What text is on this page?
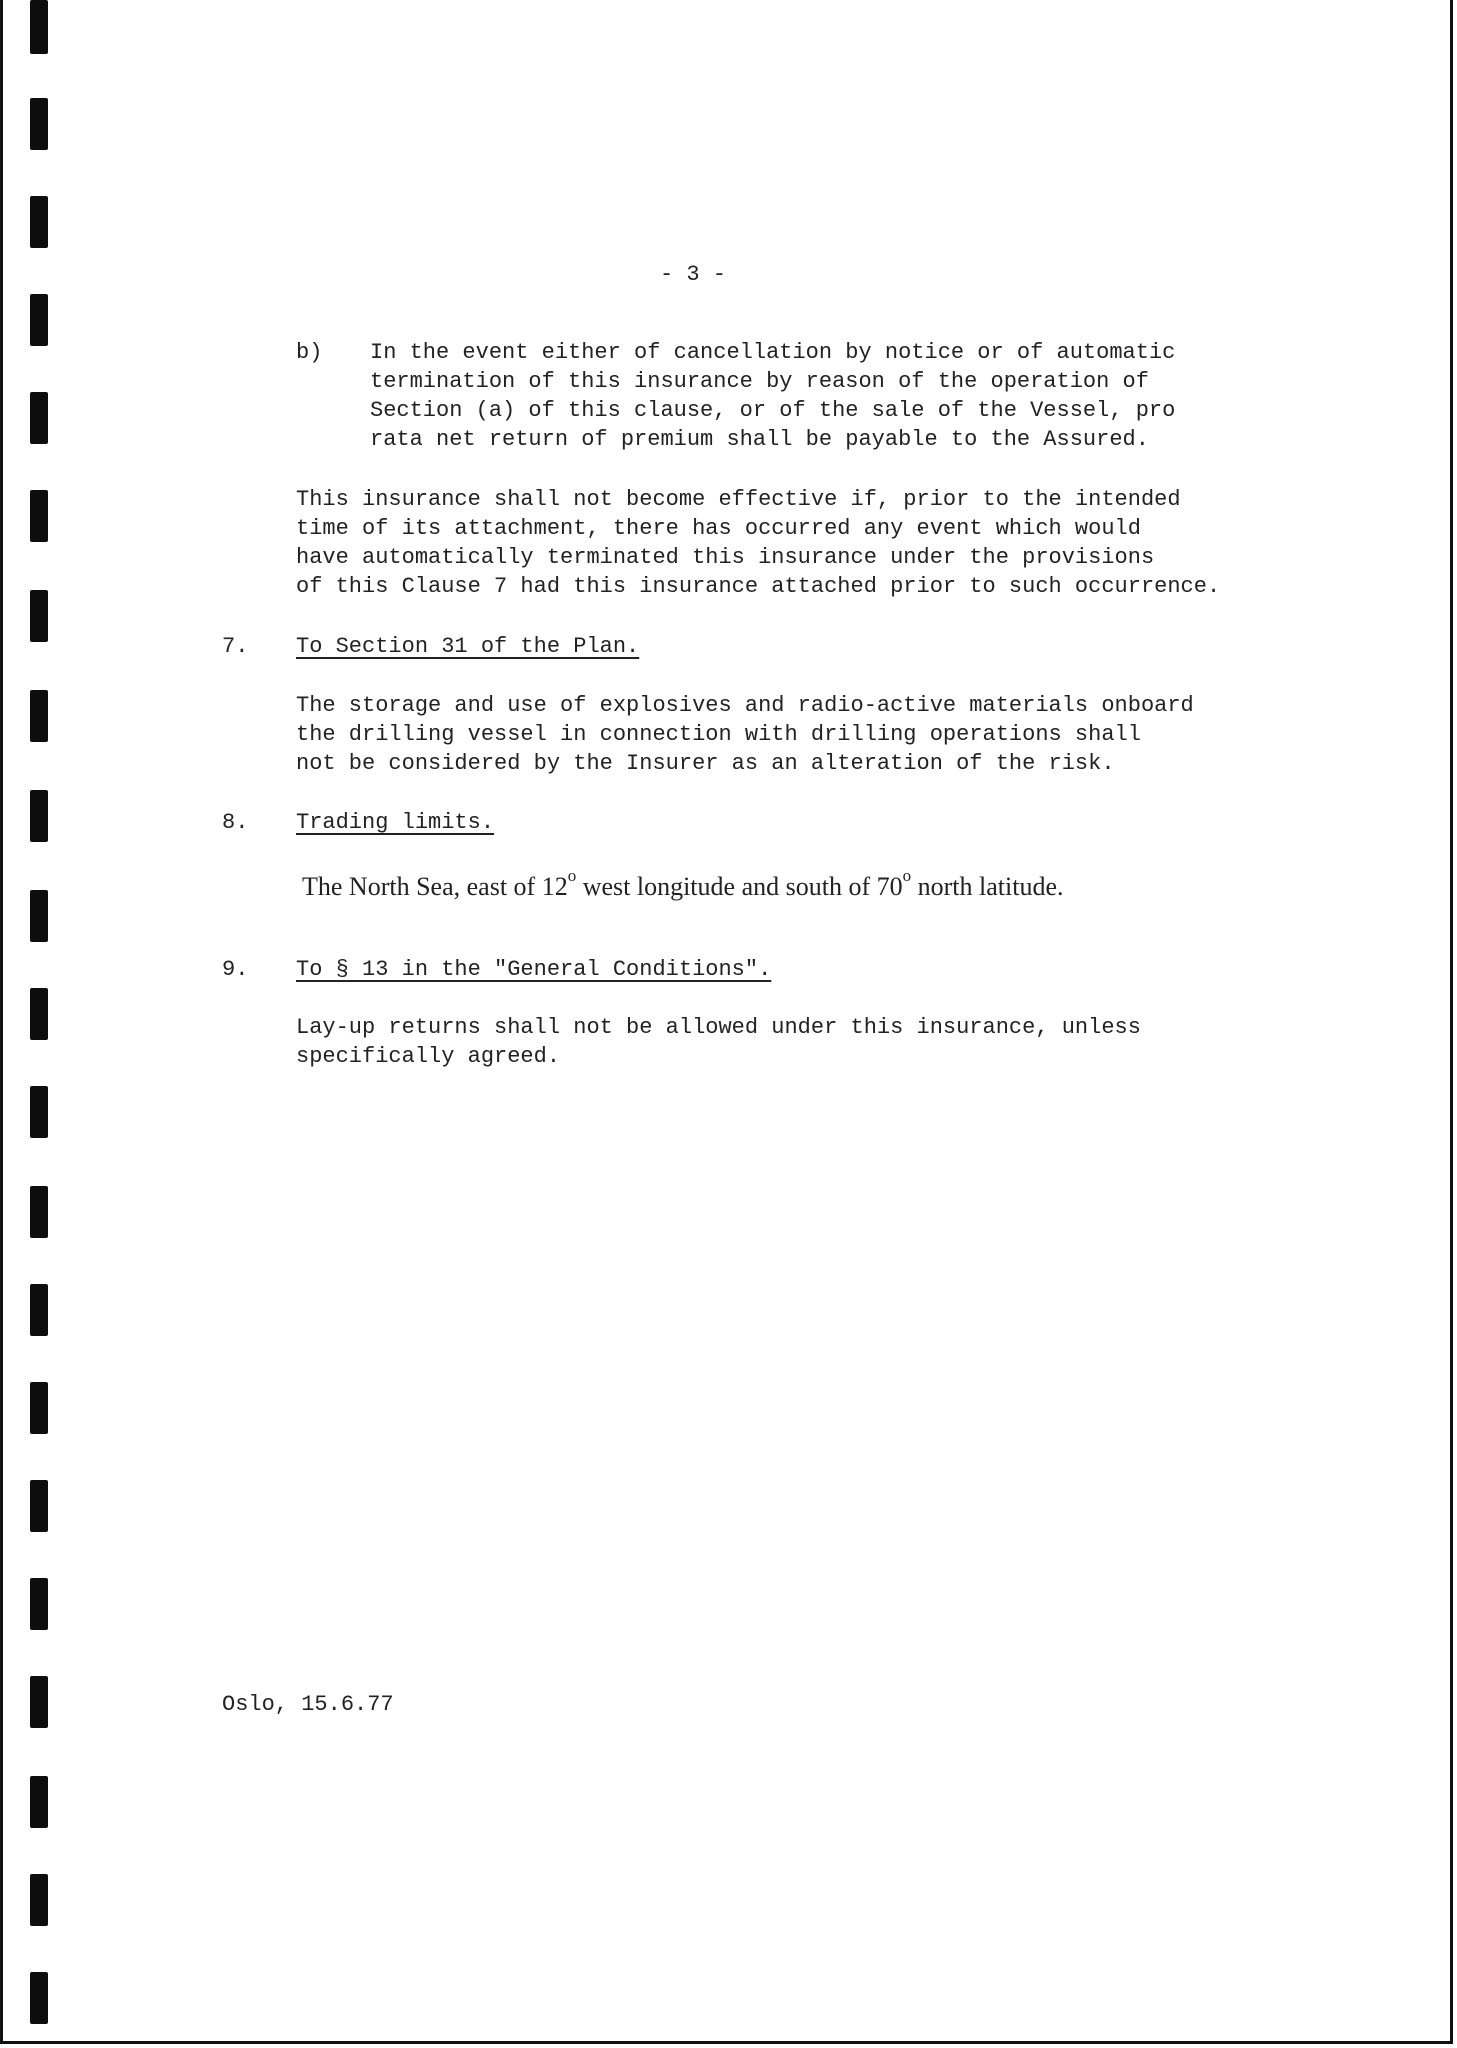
- 3 -
b) In the event either of cancellation by notice or of automatic
termination of this insurance by reason of the operation of
Section (a) of this clause, or of the sale of the Vessel, pro
rata net return of premium shall be payable to the Assured.
This insurance shall not become effective if, prior to the intended
time of its attachment, there has occurred any event which would
have automatically terminated this insurance under the provisions
of this Clause 7 had this insurance attached prior to such occurrence.
7. To Section 31 of the Plan.
The storage and use of explosives and radio-active materials onboard
the drilling vessel in connection with drilling operations shall
not be considered by the Insurer as an alteration of the risk.
8. Trading limits.
The North Sea, east of 12$^o$ west longitude and south of 70$^o$ north latitude.
9. To § 13 in the "General Conditions".
Lay-up returns shall not be allowed under this insurance, unless
specifically agreed.
Oslo, 15.6.77
